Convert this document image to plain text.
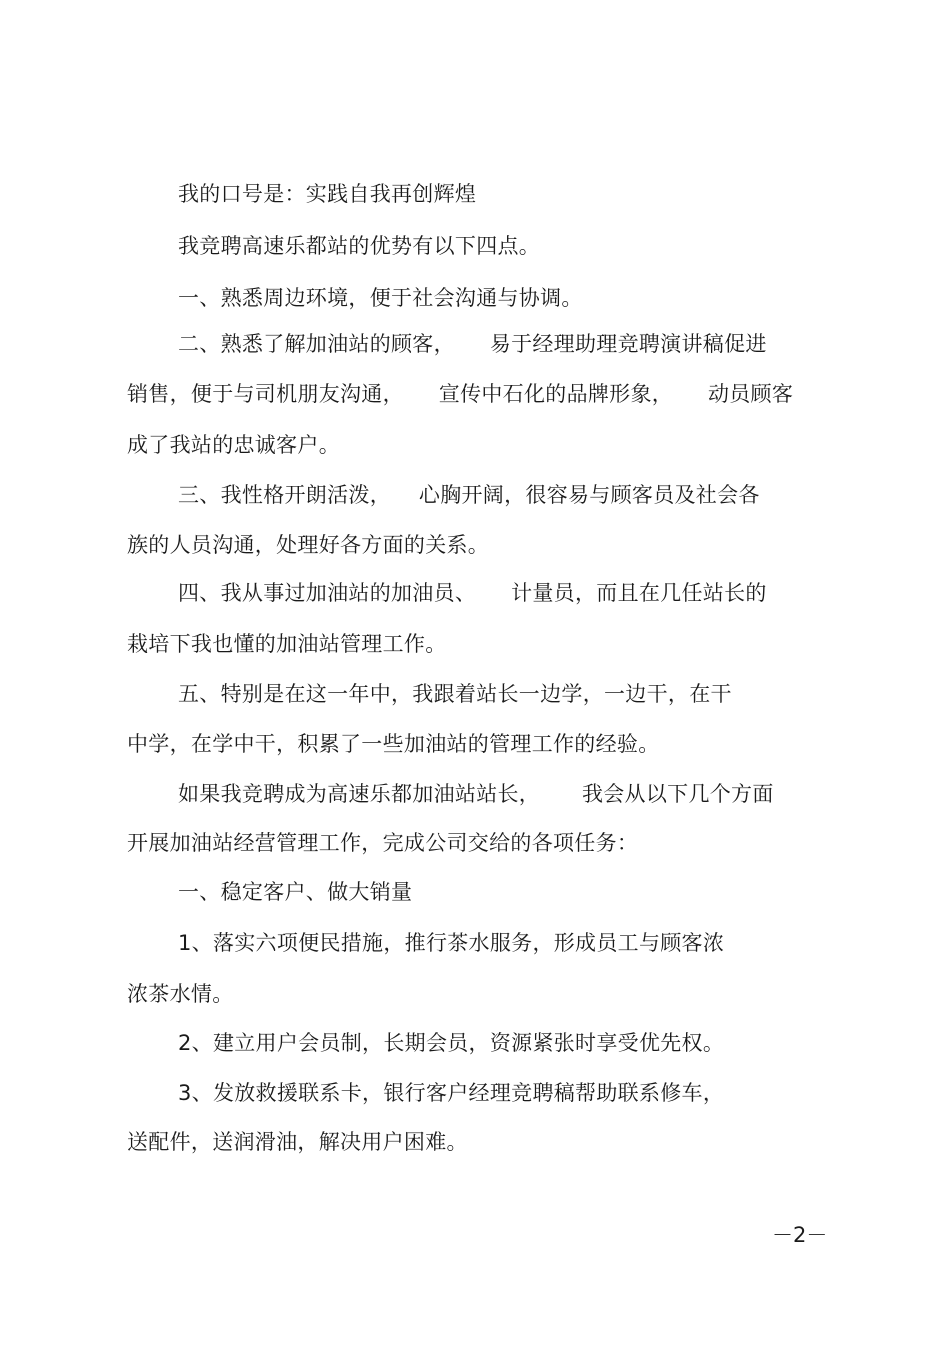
我的口号是：实践自我再创辉煌
我竞聘高速乐都站的优势有以下四点。
一、熟悉周边环境，便于社会沟通与协调。
二、熟悉了解加油站的顾客，     易于经理助理竞聘演讲稿促进
销售，便于与司机朋友沟通，     宣传中石化的品牌形象，     动员顾客
成了我站的忠诚客户。
三、我性格开朗活泼，    心胸开阔，很容易与顾客员及社会各
族的人员沟通，处理好各方面的关系。
四、我从事过加油站的加油员、     计量员，而且在几任站长的
栽培下我也懂的加油站管理工作。
五、特别是在这一年中，我跟着站长一边学，一边干，在干
中学，在学中干，积累了一些加油站的管理工作的经验。
如果我竞聘成为高速乐都加油站站长，      我会从以下几个方面
开展加油站经营管理工作，完成公司交给的各项任务：
一、稳定客户、做大销量
1、落实六项便民措施，推行茶水服务，形成员工与顾客浓
浓茶水情。
2、建立用户会员制，长期会员，资源紧张时享受优先权。
3、发放救援联系卡，银行客户经理竞聘稿帮助联系修车，
送配件，送润滑油，解决用户困难。
－2－
